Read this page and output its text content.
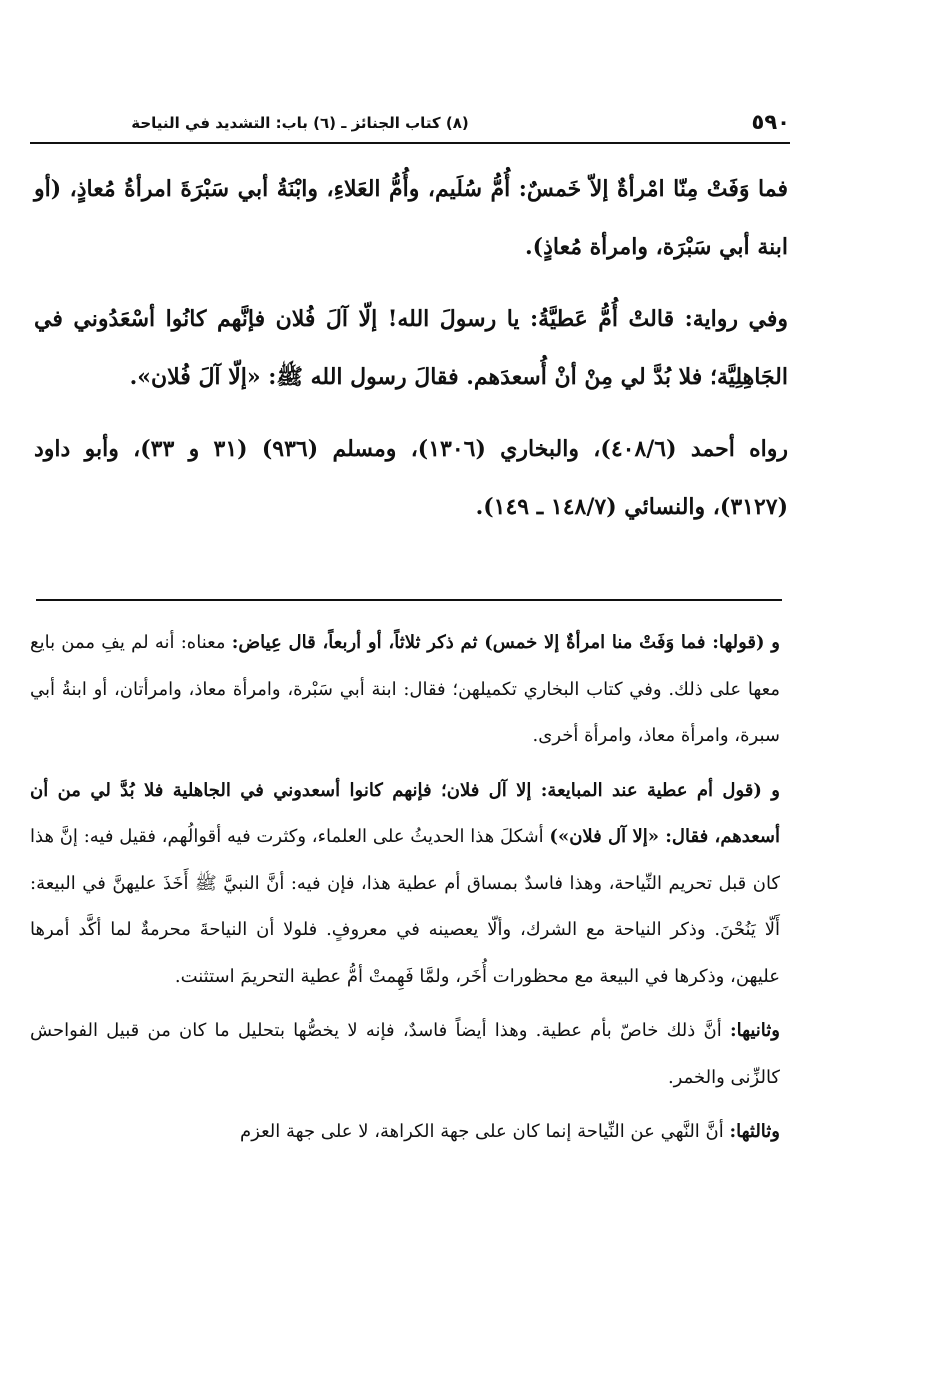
٥٩٠
(٨) كتاب الجنائز ـ (٦) باب: التشديد في النياحة

فما وَفَتْ مِنّا امْرأةٌ إلاّ خَمسٌ: أُمُّ سُلَيم، وأُمُّ العَلاءِ، وابْنَةُ أبي سَبْرَةَ امرأةُ مُعاذٍ، (أو ابنة أبي سَبْرَة، وامرأة مُعاذٍ).

وفي رواية: قالتْ أُمُّ عَطيَّةُ: يا رسولَ الله! إلّا آلَ فُلان فإنَّهم كانُوا أسْعَدُوني في الجَاهِلِيَّة؛ فلا بُدَّ لي مِنْ أنْ أُسعدَهم. فقالَ رسول الله ﷺ: «إلّا آلَ فُلان».

رواه أحمد (٤٠٨/٦)، والبخاري (١٣٠٦)، ومسلم (٩٣٦) (٣١ و ٣٣)، وأبو داود (٣١٢٧)، والنسائي (١٤٨/٧ ـ ١٤٩).

و (قولها: فما وَفَتْ منا امرأةٌ إلا خمس) ثم ذكر ثلاثاً، أو أربعاً، قال عِياض: معناه: أنه لم يفِ ممن بايع معها على ذلك. وفي كتاب البخاري تكميلهن؛ فقال: ابنة أبي سَبْرة، وامرأة معاذ، وامرأتان، أو ابنةُ أبي سبرة، وامرأة معاذ، وامرأة أخرى.

و (قول أم عطية عند المبايعة: إلا آل فلان؛ فإنهم كانوا أسعدوني في الجاهلية فلا بُدَّ لي من أن أسعدهم، فقال: «إلا آل فلان») أشكلَ هذا الحديثُ على العلماء، وكثرت فيه أقوالُهم، فقيل فيه: إنَّ هذا كان قبل تحريم النِّياحة، وهذا فاسدٌ بمساق أم عطية هذا، فإن فيه: أنَّ النبيَّ ﷺ أَخَذَ عليهنَّ في البيعة: أَلّا يَنُحْنَ. وذكر النياحة مع الشرك، وألّا يعصينه في معروفٍ. فلولا أن النياحةَ محرمةٌ لما أكَّد أمرها عليهن، وذكرها في البيعة مع محظورات أُخَر، ولمَّا فَهِمتْ أمُّ عطية التحريمَ استثنت.

وثانيها: أنَّ ذلك خاصّ بأم عطية. وهذا أيضاً فاسدٌ، فإنه لا يخصُّها بتحليل ما كان من قبيل الفواحش كالزِّنى والخمر.

وثالثها: أنَّ النَّهي عن النِّياحة إنما كان على جهة الكراهة، لا على جهة العزم
